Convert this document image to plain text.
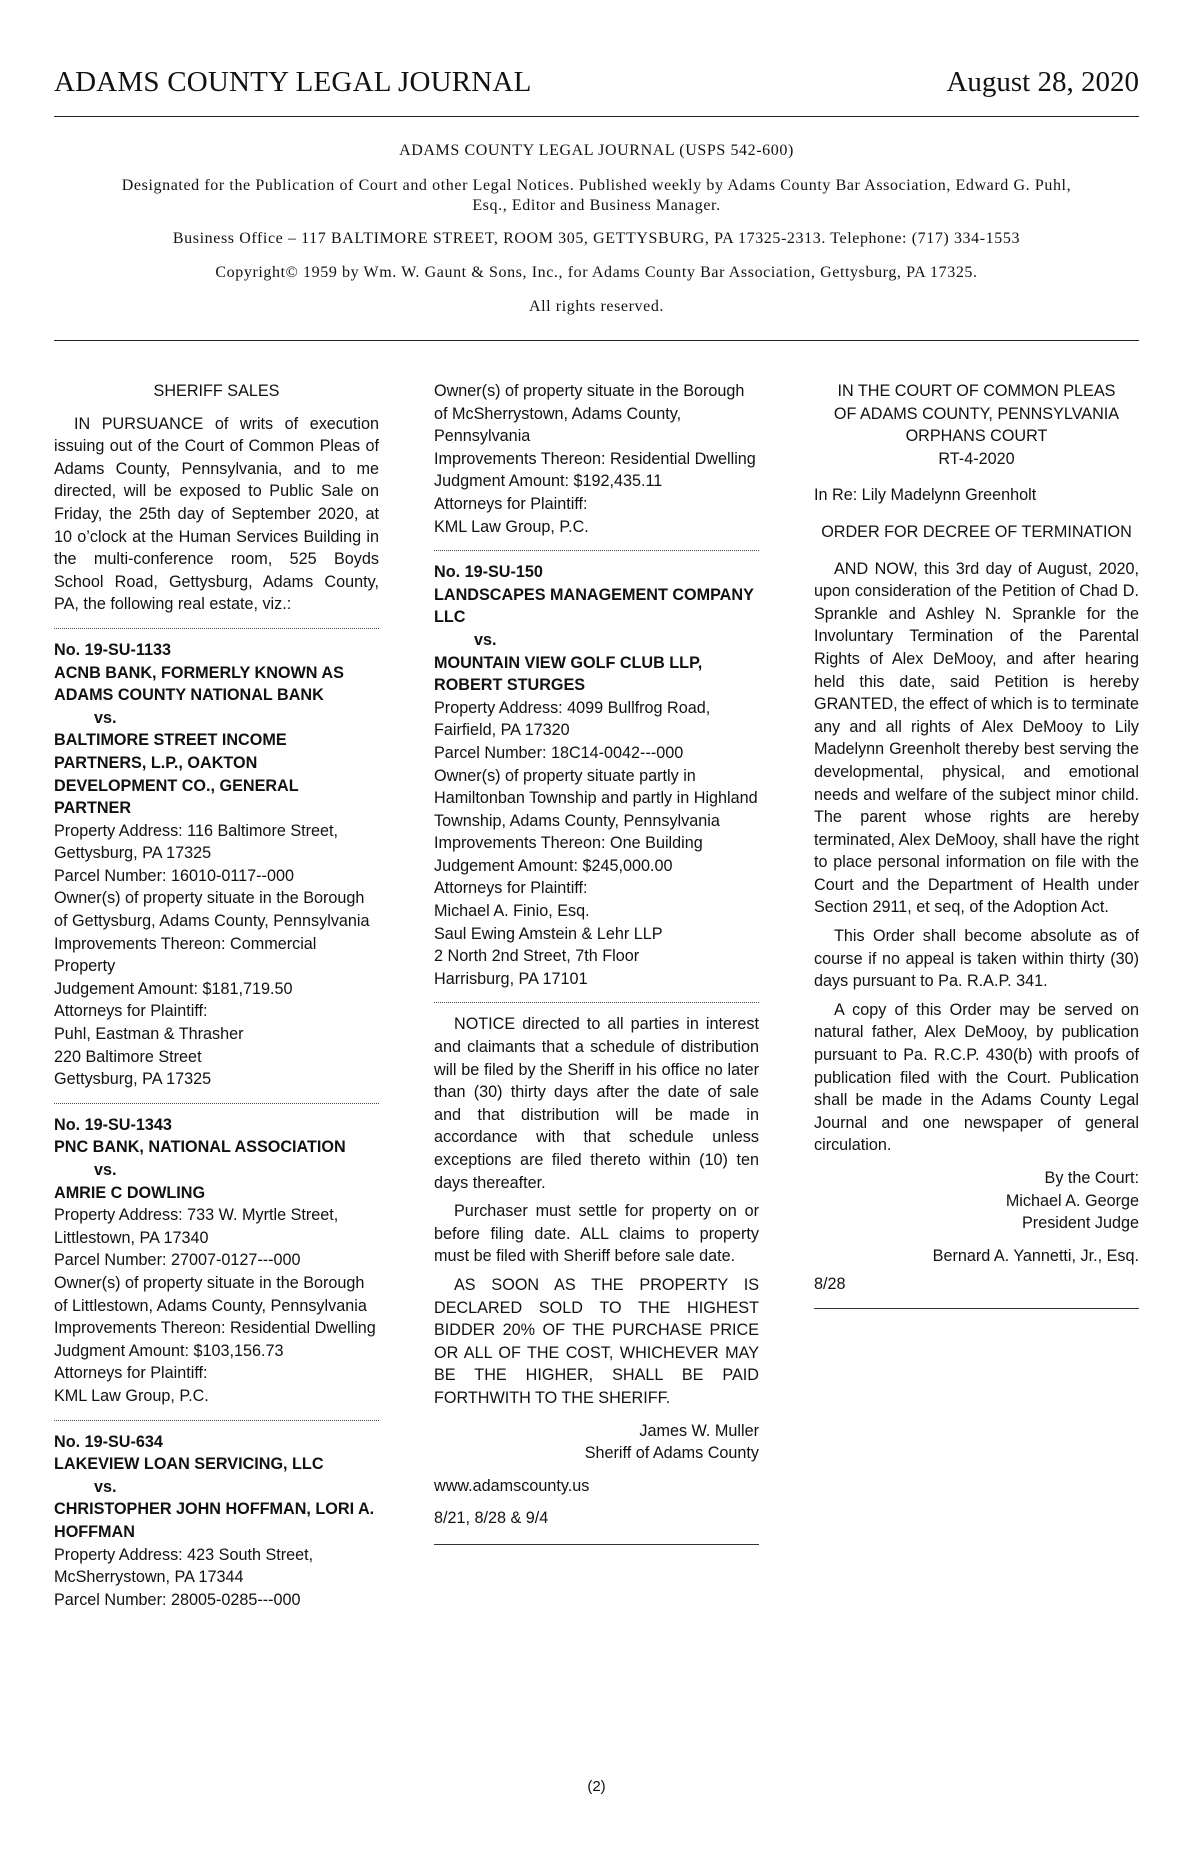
ADAMS COUNTY LEGAL JOURNAL	August 28, 2020

ADAMS COUNTY LEGAL JOURNAL (USPS 542-600)

Designated for the Publication of Court and other Legal Notices. Published weekly by Adams County Bar Association, Edward G. Puhl, Esq., Editor and Business Manager.

Business Office – 117 BALTIMORE STREET, ROOM 305, GETTYSBURG, PA 17325-2313. Telephone: (717) 334-1553

Copyright© 1959 by Wm. W. Gaunt & Sons, Inc., for Adams County Bar Association, Gettysburg, PA 17325.

All rights reserved.

SHERIFF SALES

IN PURSUANCE of writs of execution issuing out of the Court of Common Pleas of Adams County, Pennsylvania, and to me directed, will be exposed to Public Sale on Friday, the 25th day of September 2020, at 10 o’clock at the Human Services Building in the multi-conference room, 525 Boyds School Road, Gettysburg, Adams County, PA, the following real estate, viz.:

No. 19-SU-1133

ACNB BANK, FORMERLY KNOWN AS ADAMS COUNTY NATIONAL BANK

vs.

BALTIMORE STREET INCOME PARTNERS, L.P., OAKTON DEVELOPMENT CO., GENERAL PARTNER

Property Address: 116 Baltimore Street, Gettysburg, PA 17325

Parcel Number: 16010-0117--000

Owner(s) of property situate in the Borough of Gettysburg, Adams County, Pennsylvania

Improvements Thereon: Commercial Property

Judgement Amount: $181,719.50

Attorneys for Plaintiff:

Puhl, Eastman & Thrasher

220 Baltimore Street

Gettysburg, PA 17325

No. 19-SU-1343

PNC BANK, NATIONAL ASSOCIATION

vs.

AMRIE C DOWLING

Property Address: 733 W. Myrtle Street, Littlestown, PA 17340

Parcel Number: 27007-0127---000

Owner(s) of property situate in the Borough of Littlestown, Adams County, Pennsylvania

Improvements Thereon: Residential Dwelling

Judgment Amount: $103,156.73

Attorneys for Plaintiff:

KML Law Group, P.C.

No. 19-SU-634

LAKEVIEW LOAN SERVICING, LLC

vs.

CHRISTOPHER JOHN HOFFMAN, LORI A. HOFFMAN

Property Address: 423 South Street, McSherrystown, PA 17344

Parcel Number: 28005-0285---000

Owner(s) of property situate in the Borough of McSherrystown, Adams County, Pennsylvania

Improvements Thereon: Residential Dwelling

Judgment Amount: $192,435.11

Attorneys for Plaintiff:

KML Law Group, P.C.

No. 19-SU-150

LANDSCAPES MANAGEMENT COMPANY LLC

vs.

MOUNTAIN VIEW GOLF CLUB LLP, ROBERT STURGES

Property Address: 4099 Bullfrog Road, Fairfield, PA 17320

Parcel Number: 18C14-0042---000

Owner(s) of property situate partly in Hamiltonban Township and partly in Highland Township, Adams County, Pennsylvania

Improvements Thereon: One Building

Judgement Amount: $245,000.00

Attorneys for Plaintiff:

Michael A. Finio, Esq.

Saul Ewing Amstein & Lehr LLP

2 North 2nd Street, 7th Floor

Harrisburg, PA 17101

NOTICE directed to all parties in interest and claimants that a schedule of distribution will be filed by the Sheriff in his office no later than (30) thirty days after the date of sale and that distribution will be made in accordance with that schedule unless exceptions are filed thereto within (10) ten days thereafter.

Purchaser must settle for property on or before filing date. ALL claims to property must be filed with Sheriff before sale date.

AS SOON AS THE PROPERTY IS DECLARED SOLD TO THE HIGHEST BIDDER 20% OF THE PURCHASE PRICE OR ALL OF THE COST, WHICHEVER MAY BE THE HIGHER, SHALL BE PAID FORTHWITH TO THE SHERIFF.

James W. Muller

Sheriff of Adams County

www.adamscounty.us

8/21, 8/28 & 9/4

IN THE COURT OF COMMON PLEAS

OF ADAMS COUNTY, PENNSYLVANIA

ORPHANS COURT

RT-4-2020

In Re: Lily Madelynn Greenholt

ORDER FOR DECREE OF TERMINATION

AND NOW, this 3rd day of August, 2020, upon consideration of the Petition of Chad D. Sprankle and Ashley N. Sprankle for the Involuntary Termination of the Parental Rights of Alex DeMooy, and after hearing held this date, said Petition is hereby GRANTED, the effect of which is to terminate any and all rights of Alex DeMooy to Lily Madelynn Greenholt thereby best serving the developmental, physical, and emotional needs and welfare of the subject minor child. The parent whose rights are hereby terminated, Alex DeMooy, shall have the right to place personal information on file with the Court and the Department of Health under Section 2911, et seq, of the Adoption Act.

This Order shall become absolute as of course if no appeal is taken within thirty (30) days pursuant to Pa. R.A.P. 341.

A copy of this Order may be served on natural father, Alex DeMooy, by publication pursuant to Pa. R.C.P. 430(b) with proofs of publication filed with the Court. Publication shall be made in the Adams County Legal Journal and one newspaper of general circulation.

By the Court:

Michael A. George

President Judge

Bernard A. Yannetti, Jr., Esq.

8/28

(2)
